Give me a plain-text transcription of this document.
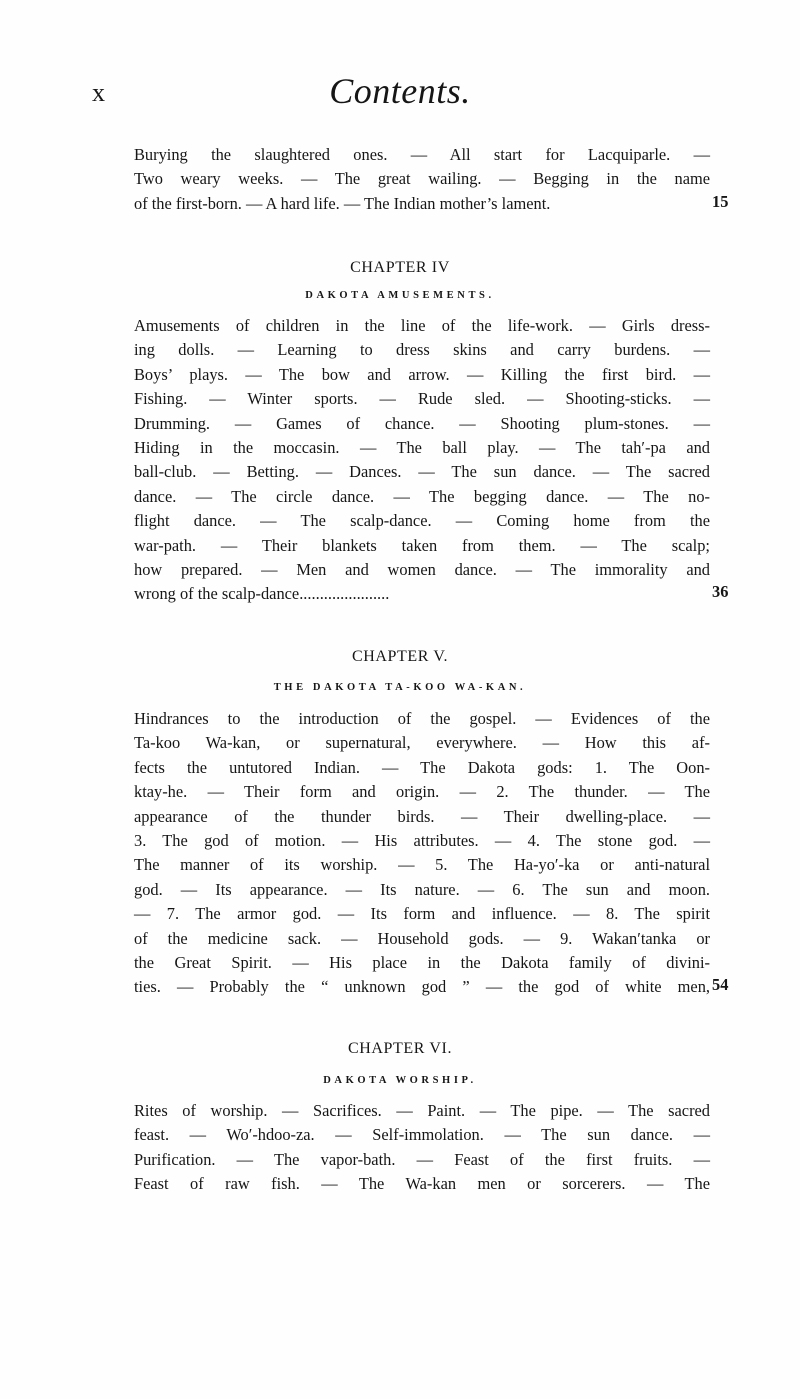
x	Contents.
Burying the slaughtered ones. — All start for Lacquiparle. —
Two weary weeks. — The great wailing. — Begging in the name
of the first-born. — A hard life. — The Indian mother’s lament.	15
CHAPTER IV
DAKOTA AMUSEMENTS.
Amusements of children in the line of the life-work. — Girls dress-
ing dolls. — Learning to dress skins and carry burdens. —
Boys’ plays. — The bow and arrow. — Killing the first bird. —
Fishing. — Winter sports. — Rude sled. — Shooting-sticks. —
Drumming. — Games of chance. — Shooting plum-stones. —
Hiding in the moccasin. — The ball play. — The tah′-pa and
ball-club. — Betting. — Dances. — The sun dance. — The sacred
dance. — The circle dance. — The begging dance. — The no-
flight dance. — The scalp-dance. — Coming home from the
war-path. — Their blankets taken from them. — The scalp;
how prepared. — Men and women dance. — The immorality and
wrong of the scalp-dance......................	36
CHAPTER V.
THE DAKOTA TA-KOO WA-KAN.
Hindrances to the introduction of the gospel. — Evidences of the
Ta-koo Wa-kan, or supernatural, everywhere. — How this af-
fects the untutored Indian. — The Dakota gods: 1. The Oon-
ktay-he. — Their form and origin. — 2. The thunder. — The
appearance of the thunder birds. — Their dwelling-place. —
3. The god of motion. — His attributes. — 4. The stone god. —
The manner of its worship. — 5. The Ha-yo′-ka or anti-natural
god. — Its appearance. — Its nature. — 6. The sun and moon.
— 7. The armor god. — Its form and influence. — 8. The spirit
of the medicine sack. — Household gods. — 9. Wakan′tanka or
the Great Spirit. — His place in the Dakota family of divini-
ties. — Probably the “ unknown god ” — the god of white men, 54
CHAPTER VI.
DAKOTA WORSHIP.
Rites of worship. — Sacrifices. — Paint. — The pipe. — The sacred
feast. — Wo′-hdoo-za. — Self-immolation. — The sun dance. —
Purification. — The vapor-bath. — Feast of the first fruits. —
Feast of raw fish. — The Wa-kan men or sorcerers. — The
